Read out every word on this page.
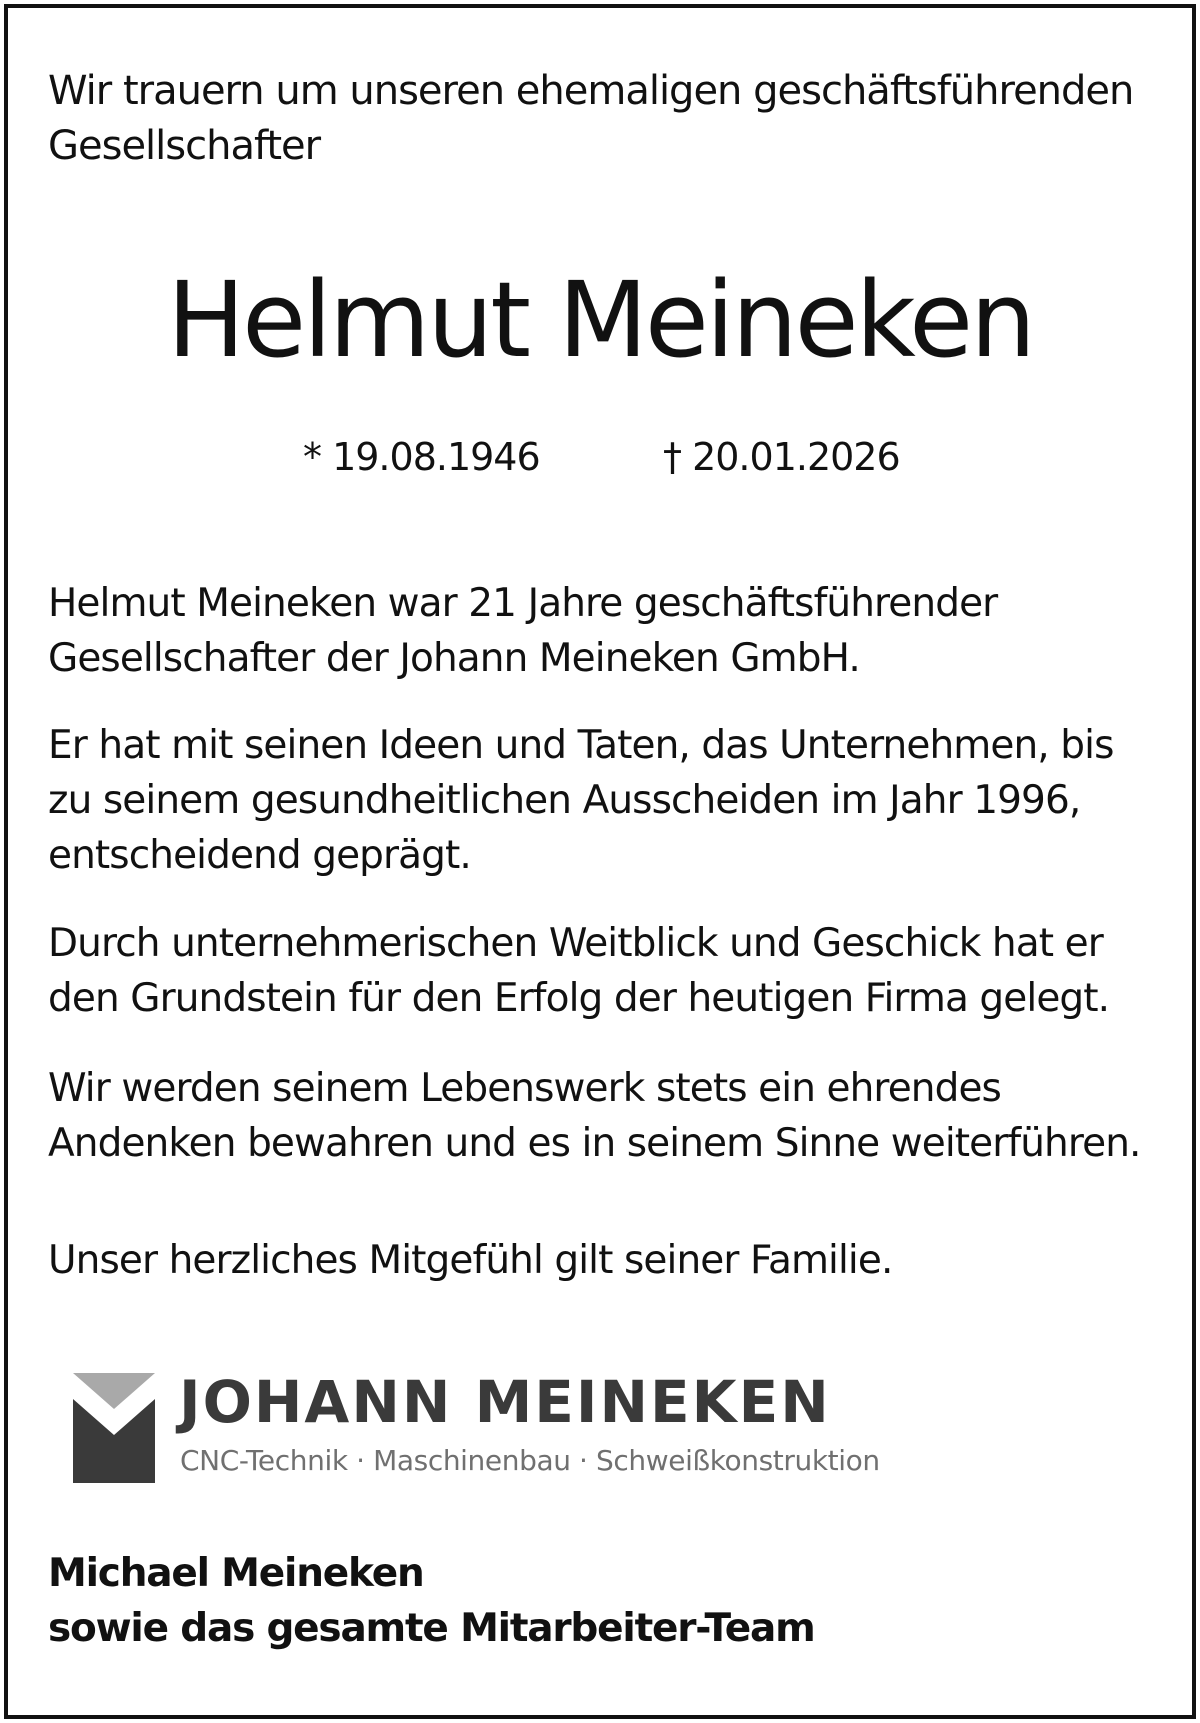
Wir trauern um unseren ehemaligen geschäftsführenden
Gesellschafter
Helmut Meineken
* 19.08.1946	† 20.01.2026
Helmut Meineken war 21 Jahre geschäftsführender
Gesellschafter der Johann Meineken GmbH.
Er hat mit seinen Ideen und Taten, das Unternehmen, bis
zu seinem gesundheitlichen Ausscheiden im Jahr 1996,
entscheidend geprägt.
Durch unternehmerischen Weitblick und Geschick hat er
den Grundstein für den Erfolg der heutigen Firma gelegt.
Wir werden seinem Lebenswerk stets ein ehrendes
Andenken bewahren und es in seinem Sinne weiterführen.
Unser herzliches Mitgefühl gilt seiner Familie.
JOHANN MEINEKEN
CNC-Technik · Maschinenbau · Schweißkonstruktion
Michael Meineken
sowie das gesamte Mitarbeiter-Team
